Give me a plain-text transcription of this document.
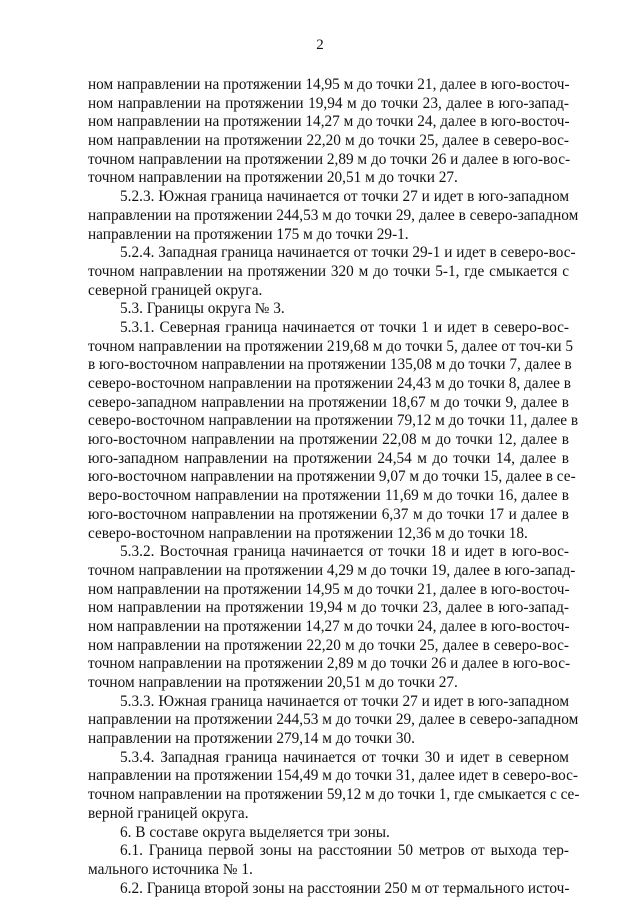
2
ном направлении на протяжении 14,95 м до точки 21, далее в юго-восточ-
ном направлении на протяжении 19,94 м до точки 23, далее в юго-запад-
ном направлении на протяжении 14,27 м до точки 24, далее в юго-восточ-
ном направлении на протяжении 22,20 м до точки 25, далее в северо-вос-
точном направлении на протяжении 2,89 м до точки 26 и далее в юго-вос-
точном направлении на протяжении 20,51 м до точки 27.
5.2.3. Южная граница начинается от точки 27 и идет в юго-западном
направлении на протяжении 244,53 м до точки 29, далее в северо-западном
направлении на протяжении 175 м до точки 29-1.
5.2.4. Западная граница начинается от точки 29-1 и идет в северо-вос-
точном направлении на протяжении 320 м до точки 5-1, где смыкается с
северной границей округа.
5.3. Границы округа № 3.
5.3.1. Северная граница начинается от точки 1 и идет в северо-вос-
точном направлении на протяжении 219,68 м до точки 5, далее от точ-ки 5
в юго-восточном направлении на протяжении 135,08 м до точки 7, далее в
северо-восточном направлении на протяжении 24,43 м до точки 8, далее в
северо-западном направлении на протяжении 18,67 м до точки 9, далее в
северо-восточном направлении на протяжении 79,12 м до точки 11, далее в
юго-восточном направлении на протяжении 22,08 м до точки 12, далее в
юго-западном направлении на протяжении 24,54 м до точки 14, далее в
юго-восточном направлении на протяжении 9,07 м до точки 15, далее в се-
веро-восточном направлении на протяжении 11,69 м до точки 16, далее в
юго-восточном направлении на протяжении 6,37 м до точки 17 и далее в
северо-восточном направлении на протяжении 12,36 м до точки 18.
5.3.2. Восточная граница начинается от точки 18 и идет в юго-вос-
точном направлении на протяжении 4,29 м до точки 19, далее в юго-запад-
ном направлении на протяжении 14,95 м до точки 21, далее в юго-восточ-
ном направлении на протяжении 19,94 м до точки 23, далее в юго-запад-
ном направлении на протяжении 14,27 м до точки 24, далее в юго-восточ-
ном направлении на протяжении 22,20 м до точки 25, далее в северо-вос-
точном направлении на протяжении 2,89 м до точки 26 и далее в юго-вос-
точном направлении на протяжении 20,51 м до точки 27.
5.3.3. Южная граница начинается от точки 27 и идет в юго-западном
направлении на протяжении 244,53 м до точки 29, далее в северо-западном
направлении на протяжении 279,14 м до точки 30.
5.3.4. Западная граница начинается от точки 30 и идет в северном
направлении на протяжении 154,49 м до точки 31, далее идет в северо-вос-
точном направлении на протяжении 59,12 м до точки 1, где смыкается с се-
верной границей округа.
6. В составе округа выделяется три зоны.
6.1. Граница первой зоны на расстоянии 50 метров от выхода тер-
мального источника № 1.
6.2. Граница второй зоны на расстоянии 250 м от термального источ-
